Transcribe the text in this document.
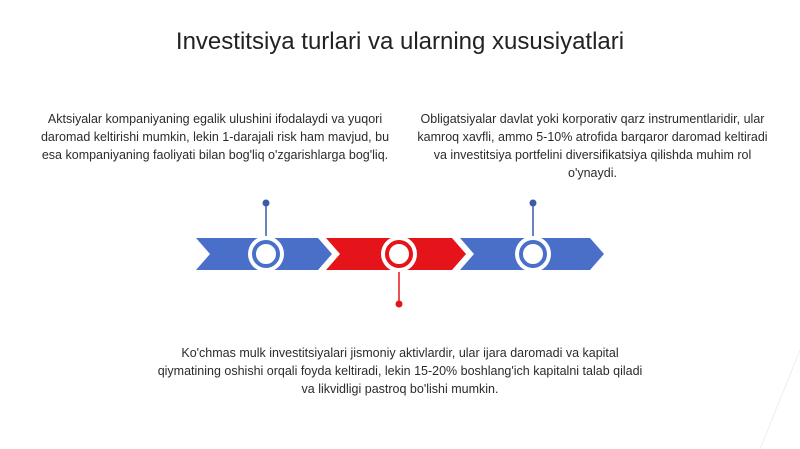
Investitsiya turlari va ularning xususiyatlari
Aktsiyalar kompaniyaning egalik ulushini ifodalaydi va yuqori daromad keltirishi mumkin, lekin 1-darajali risk ham mavjud, bu esa kompaniyaning faoliyati bilan bog'liq o'zgarishlarga bog'liq.
Obligatsiyalar davlat yoki korporativ qarz instrumentlaridir, ular kamroq xavfli, ammo 5-10% atrofida barqaror daromad keltiradi va investitsiya portfelini diversifikatsiya qilishda muhim rol o'ynaydi.
Ko'chmas mulk investitsiyalari jismoniy aktivlardir, ular ijara daromadi va kapital qiymatining oshishi orqali foyda keltiradi, lekin 15-20% boshlang'ich kapitalni talab qiladi va likvidligi pastroq bo'lishi mumkin.
